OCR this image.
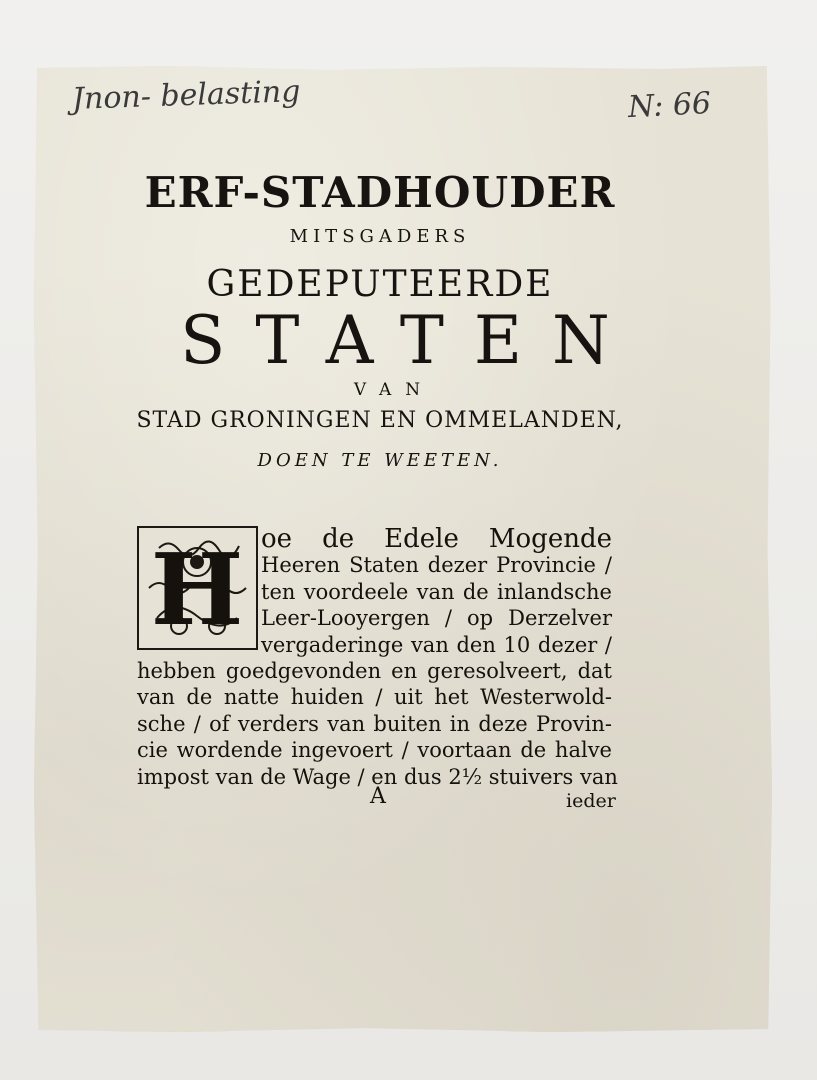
Jnon- belasting	N: 66
ERF-STADHOUDER
MITSGADERS
GEDEPUTEERDE
STATEN
VAN
STAD GRONINGEN EN OMMELANDEN,
DOEN TE WEETEN.
oe de Edele Mogende
Heeren Staten dezer Provincie /
ten voordeele van de inlandsche
Leer-Looyergen / op Derzelver
vergaderinge van den 10 dezer /
hebben goedgevonden en geresolveert, dat
van de natte huiden / uit het Westerwold-
sche / of verders van buiten in deze Provin-
cie wordende ingevoert / voortaan de halve
impost van de Wage / en dus 2½ stuivers van
H
A	ieder
